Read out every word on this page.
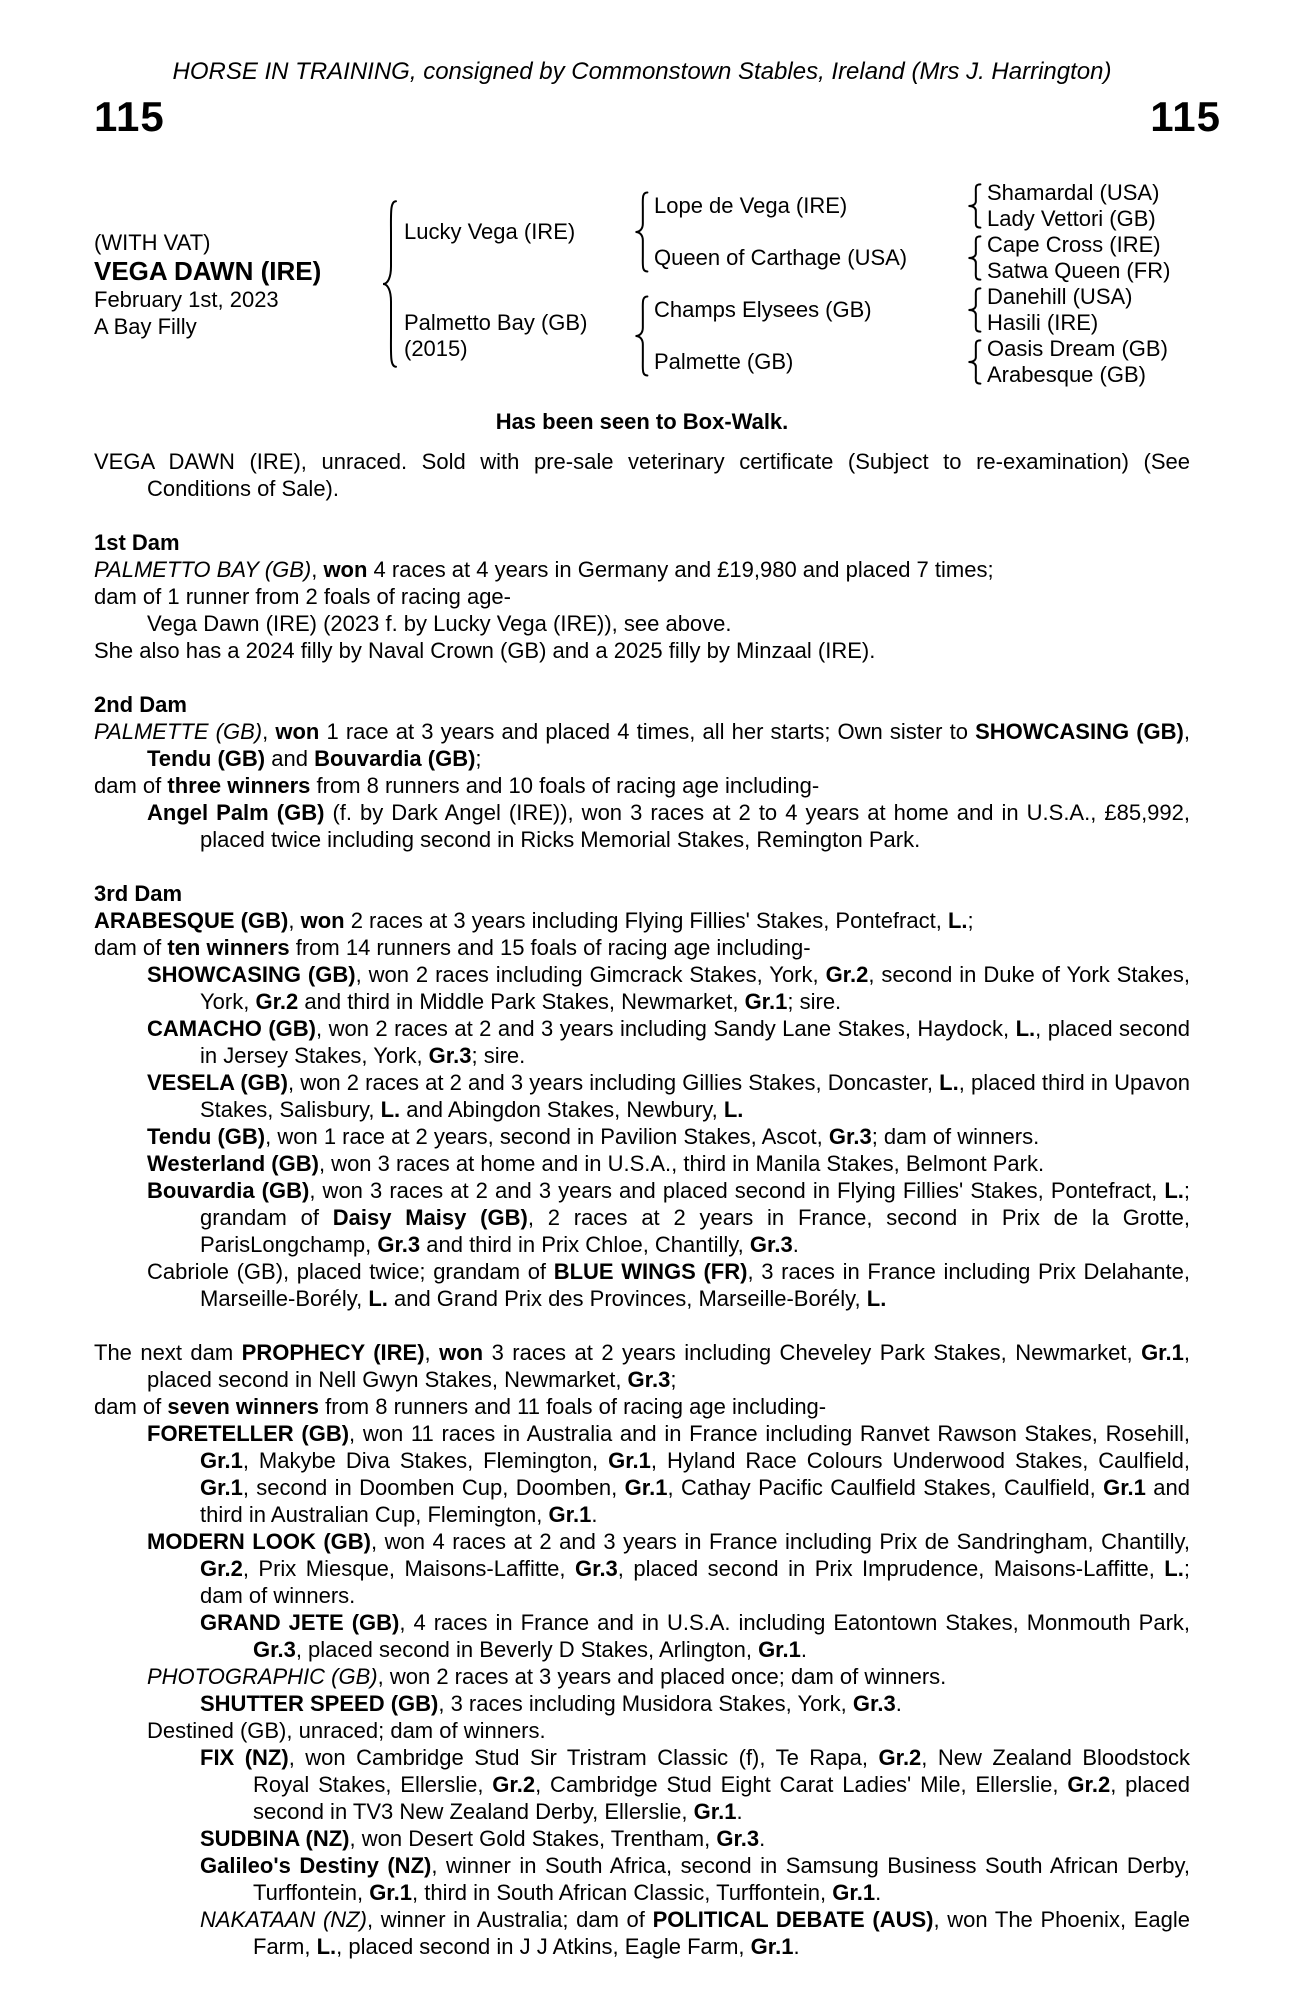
HORSE IN TRAINING, consigned by Commonstown Stables, Ireland (Mrs J. Harrington)
115	115
(WITH VAT)
VEGA DAWN (IRE)
February 1st, 2023
A Bay Filly
Lucky Vega (IRE)
Palmetto Bay (GB)
(2015)
Lope de Vega (IRE)
Queen of Carthage (USA)
Champs Elysees (GB)
Palmette (GB)
Shamardal (USA)
Lady Vettori (GB)
Cape Cross (IRE)
Satwa Queen (FR)
Danehill (USA)
Hasili (IRE)
Oasis Dream (GB)
Arabesque (GB)
Has been seen to Box-Walk.
VEGA DAWN (IRE), unraced. Sold with pre-sale veterinary certificate (Subject to re-examination) (See Conditions of Sale).
1st Dam
PALMETTO BAY (GB), won 4 races at 4 years in Germany and £19,980 and placed 7 times;
dam of 1 runner from 2 foals of racing age-
Vega Dawn (IRE) (2023 f. by Lucky Vega (IRE)), see above.
She also has a 2024 filly by Naval Crown (GB) and a 2025 filly by Minzaal (IRE).
2nd Dam
PALMETTE (GB), won 1 race at 3 years and placed 4 times, all her starts; Own sister to SHOWCASING (GB), Tendu (GB) and Bouvardia (GB);
dam of three winners from 8 runners and 10 foals of racing age including-
Angel Palm (GB) (f. by Dark Angel (IRE)), won 3 races at 2 to 4 years at home and in U.S.A., £85,992, placed twice including second in Ricks Memorial Stakes, Remington Park.
3rd Dam
ARABESQUE (GB), won 2 races at 3 years including Flying Fillies' Stakes, Pontefract, L.;
dam of ten winners from 14 runners and 15 foals of racing age including-
SHOWCASING (GB), won 2 races including Gimcrack Stakes, York, Gr.2, second in Duke of York Stakes, York, Gr.2 and third in Middle Park Stakes, Newmarket, Gr.1; sire.
CAMACHO (GB), won 2 races at 2 and 3 years including Sandy Lane Stakes, Haydock, L., placed second in Jersey Stakes, York, Gr.3; sire.
VESELA (GB), won 2 races at 2 and 3 years including Gillies Stakes, Doncaster, L., placed third in Upavon Stakes, Salisbury, L. and Abingdon Stakes, Newbury, L.
Tendu (GB), won 1 race at 2 years, second in Pavilion Stakes, Ascot, Gr.3; dam of winners.
Westerland (GB), won 3 races at home and in U.S.A., third in Manila Stakes, Belmont Park.
Bouvardia (GB), won 3 races at 2 and 3 years and placed second in Flying Fillies' Stakes, Pontefract, L.; grandam of Daisy Maisy (GB), 2 races at 2 years in France, second in Prix de la Grotte, ParisLongchamp, Gr.3 and third in Prix Chloe, Chantilly, Gr.3.
Cabriole (GB), placed twice; grandam of BLUE WINGS (FR), 3 races in France including Prix Delahante, Marseille-Borély, L. and Grand Prix des Provinces, Marseille-Borély, L.
The next dam PROPHECY (IRE), won 3 races at 2 years including Cheveley Park Stakes, Newmarket, Gr.1, placed second in Nell Gwyn Stakes, Newmarket, Gr.3;
dam of seven winners from 8 runners and 11 foals of racing age including-
FORETELLER (GB), won 11 races in Australia and in France including Ranvet Rawson Stakes, Rosehill, Gr.1, Makybe Diva Stakes, Flemington, Gr.1, Hyland Race Colours Underwood Stakes, Caulfield, Gr.1, second in Doomben Cup, Doomben, Gr.1, Cathay Pacific Caulfield Stakes, Caulfield, Gr.1 and third in Australian Cup, Flemington, Gr.1.
MODERN LOOK (GB), won 4 races at 2 and 3 years in France including Prix de Sandringham, Chantilly, Gr.2, Prix Miesque, Maisons-Laffitte, Gr.3, placed second in Prix Imprudence, Maisons-Laffitte, L.; dam of winners.
GRAND JETE (GB), 4 races in France and in U.S.A. including Eatontown Stakes, Monmouth Park, Gr.3, placed second in Beverly D Stakes, Arlington, Gr.1.
PHOTOGRAPHIC (GB), won 2 races at 3 years and placed once; dam of winners.
SHUTTER SPEED (GB), 3 races including Musidora Stakes, York, Gr.3.
Destined (GB), unraced; dam of winners.
FIX (NZ), won Cambridge Stud Sir Tristram Classic (f), Te Rapa, Gr.2, New Zealand Bloodstock Royal Stakes, Ellerslie, Gr.2, Cambridge Stud Eight Carat Ladies' Mile, Ellerslie, Gr.2, placed second in TV3 New Zealand Derby, Ellerslie, Gr.1.
SUDBINA (NZ), won Desert Gold Stakes, Trentham, Gr.3.
Galileo's Destiny (NZ), winner in South Africa, second in Samsung Business South African Derby, Turffontein, Gr.1, third in South African Classic, Turffontein, Gr.1.
NAKATAAN (NZ), winner in Australia; dam of POLITICAL DEBATE (AUS), won The Phoenix, Eagle Farm, L., placed second in J J Atkins, Eagle Farm, Gr.1.
